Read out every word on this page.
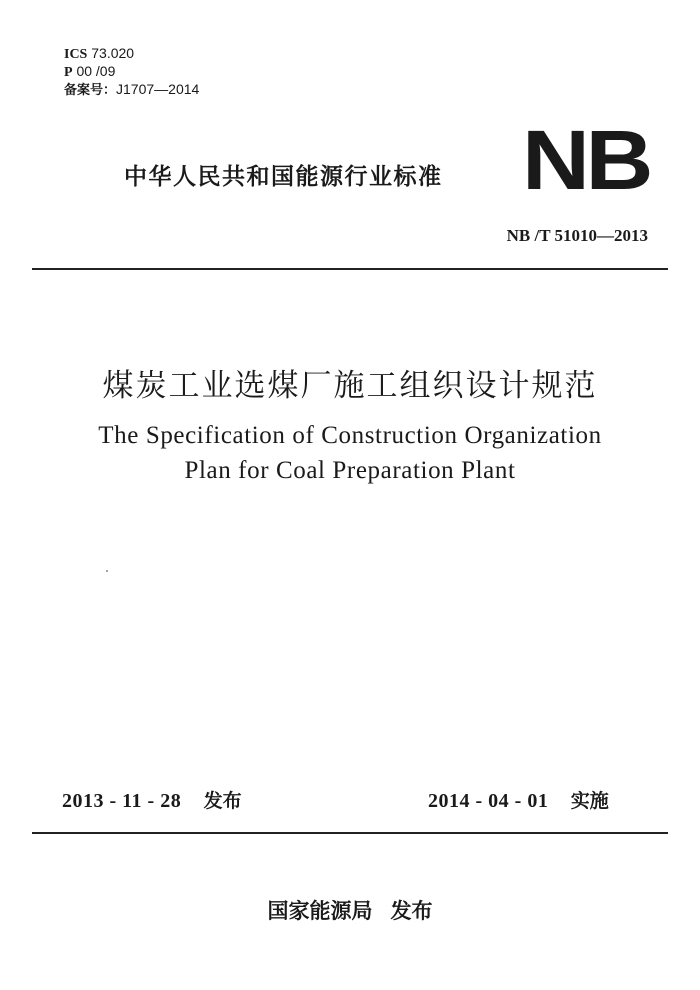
ICS 73.020
P 00 /09
备案号：J1707—2014
中华人民共和国能源行业标准 NB
NB /T 51010—2013
煤炭工业选煤厂施工组织设计规范
The Specification of Construction Organization
Plan for Coal Preparation Plant
2013 - 11 - 28 发布	2014 - 04 - 01 实施
国家能源局 发布
